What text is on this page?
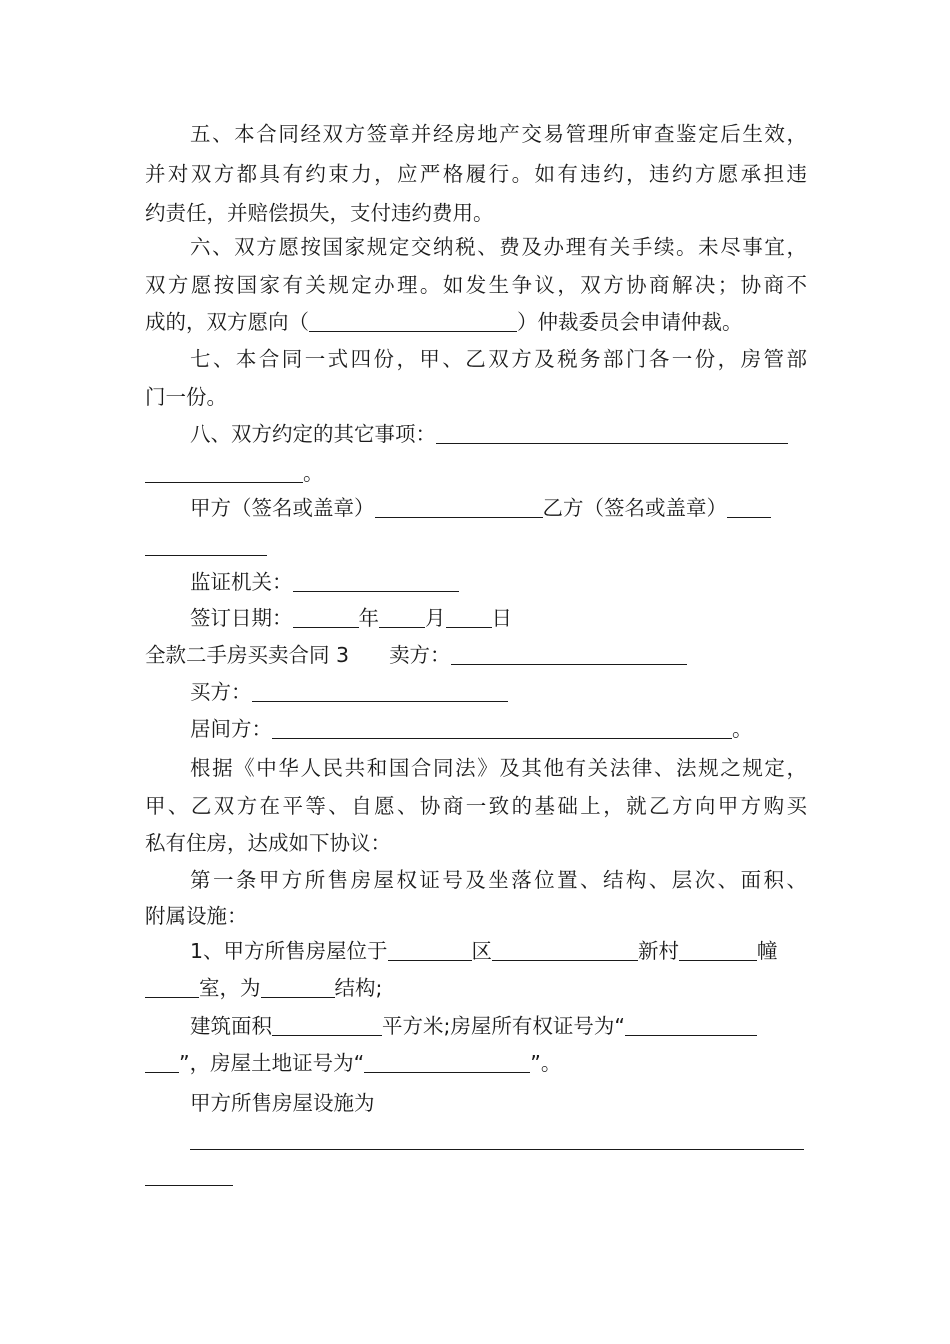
五、本合同经双方签章并经房地产交易管理所审查鉴定后生效，
并对双方都具有约束力，应严格履行。如有违约，违约方愿承担违
约责任，并赔偿损失，支付违约费用。
六、双方愿按国家规定交纳税、费及办理有关手续。未尽事宜，
双方愿按国家有关规定办理。如发生争议，双方协商解决；协商不
成的，双方愿向（	）仲裁委员会申请仲裁。
七、本合同一式四份，甲、乙双方及税务部门各一份，房管部
门一份。
八、双方约定的其它事项：
。
甲方（签名或盖章）	乙方（签名或盖章）
监证机关：
签订日期：	年 月 日
全款二手房买卖合同 3 卖方：
买方：
居间方：	。
根据《中华人民共和国合同法》及其他有关法律、法规之规定，
甲、乙双方在平等、自愿、协商一致的基础上，就乙方向甲方购买
私有住房，达成如下协议：
第一条甲方所售房屋权证号及坐落位置、结构、层次、面积、
附属设施：
1、甲方所售房屋位于	区	新村	幢
室，为	结构;
建筑面积	平方米;房屋所有权证号为“
”，房屋土地证号为“	”。
甲方所售房屋设施为
